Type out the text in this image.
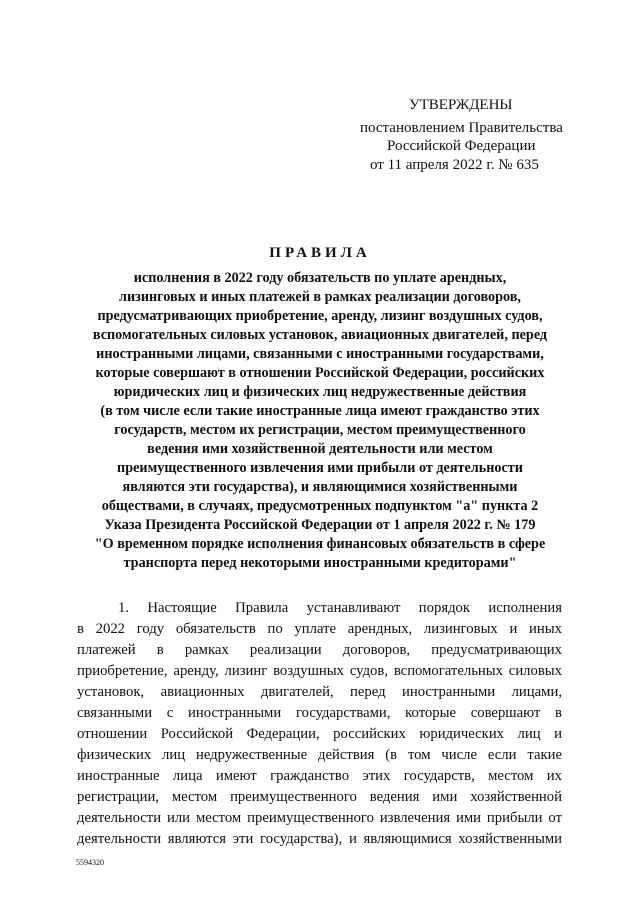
УТВЕРЖДЕНЫ
постановлением Правительства
Российской Федерации
от 11 апреля 2022 г. № 635
ПРАВИЛА
исполнения в 2022 году обязательств по уплате арендных,
лизинговых и иных платежей в рамках реализации договоров,
предусматривающих приобретение, аренду, лизинг воздушных судов,
вспомогательных силовых установок, авиационных двигателей, перед
иностранными лицами, связанными с иностранными государствами,
которые совершают в отношении Российской Федерации, российских
юридических лиц и физических лиц недружественные действия
(в том числе если такие иностранные лица имеют гражданство этих
государств, местом их регистрации, местом преимущественного
ведения ими хозяйственной деятельности или местом
преимущественного извлечения ими прибыли от деятельности
являются эти государства), и являющимися хозяйственными
обществами, в случаях, предусмотренных подпунктом "а" пункта 2
Указа Президента Российской Федерации от 1 апреля 2022 г. № 179
"О временном порядке исполнения финансовых обязательств в сфере
транспорта перед некоторыми иностранными кредиторами"
1. Настоящие Правила устанавливают порядок исполнения
в 2022 году обязательств по уплате арендных, лизинговых и иных
платежей в рамках реализации договоров, предусматривающих
приобретение, аренду, лизинг воздушных судов, вспомогательных силовых
установок, авиационных двигателей, перед иностранными лицами,
связанными с иностранными государствами, которые совершают в
отношении Российской Федерации, российских юридических лиц и
физических лиц недружественные действия (в том числе если такие
иностранные лица имеют гражданство этих государств, местом их
регистрации, местом преимущественного ведения ими хозяйственной
деятельности или местом преимущественного извлечения ими прибыли от
деятельности являются эти государства), и являющимися хозяйственными
5594320
